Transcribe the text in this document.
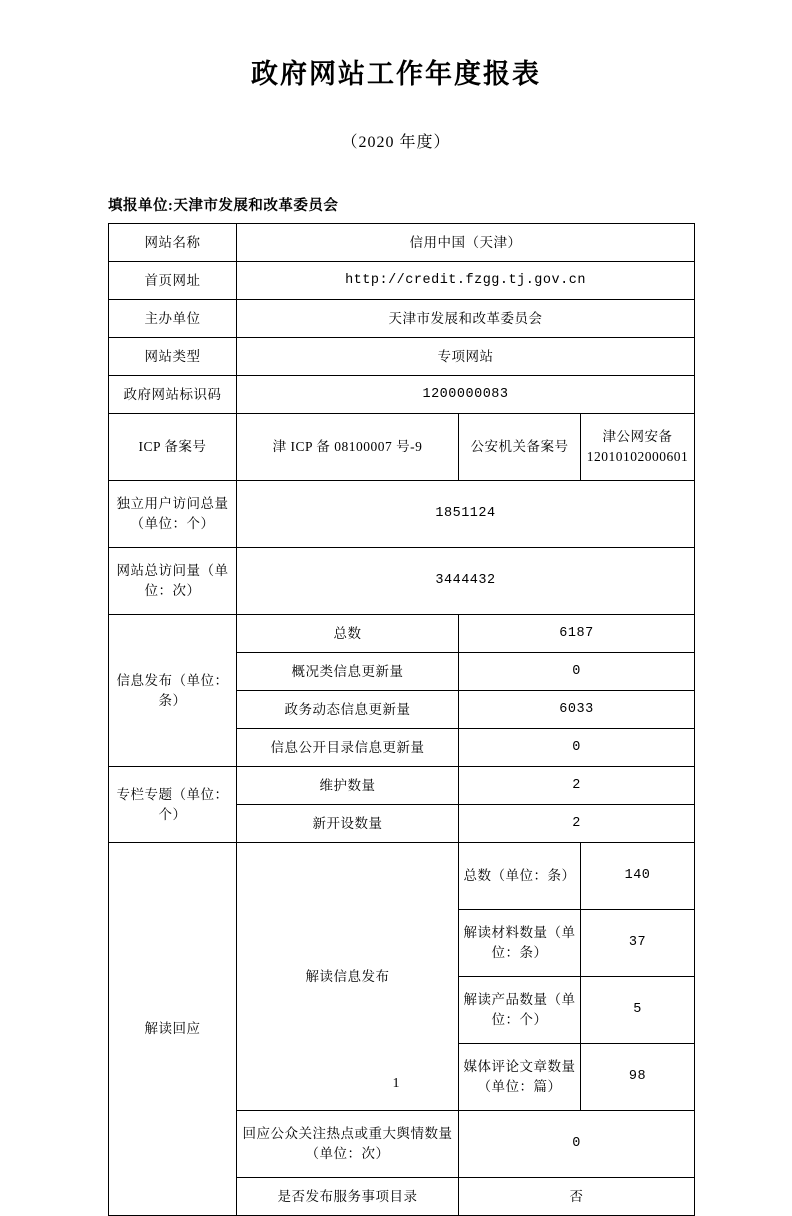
政府网站工作年度报表
（2020 年度）
填报单位:天津市发展和改革委员会
网站名称	信用中国（天津）		
首页网址	http://credit.fzgg.tj.gov.cn		
主办单位	天津市发展和改革委员会		
网站类型	专项网站		
政府网站标识码	1200000083		
ICP 备案号	津 ICP 备 08100007 号-9	公安机关备案号	津公网安备 12010102000601
独立用户访问总量（单位：个）	1851124		
网站总访问量（单位：次）	3444432		
信息发布（单位：条）	总数	6187	
	概况类信息更新量	0	
	政务动态信息更新量	6033	
	信息公开目录信息更新量	0	
专栏专题（单位：个）	维护数量	2	
	新开设数量	2	
解读回应	解读信息发布	总数（单位：条）	140
		解读材料数量（单位：条）	37
		解读产品数量（单位：个）	5
		媒体评论文章数量（单位：篇）	98
	回应公众关注热点或重大舆情数量（单位：次）	0	
	是否发布服务事项目录	否	
1
